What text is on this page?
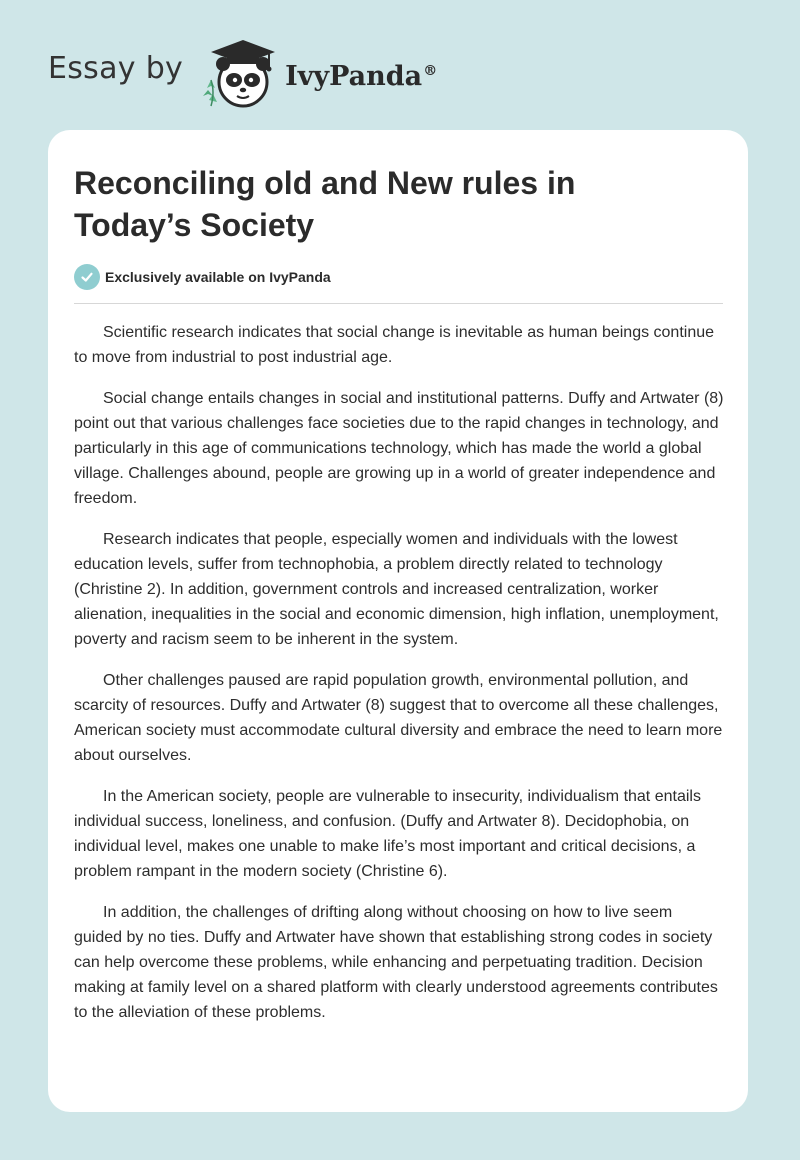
Essay by	IvyPanda®
Reconciling old and New rules in Today’s Society
Exclusively available on IvyPanda

Scientific research indicates that social change is inevitable as human beings continue to move from industrial to post industrial age.

Social change entails changes in social and institutional patterns. Duffy and Artwater (8) point out that various challenges face societies due to the rapid changes in technology, and particularly in this age of communications technology, which has made the world a global village. Challenges abound, people are growing up in a world of greater independence and freedom.

Research indicates that people, especially women and individuals with the lowest education levels, suffer from technophobia, a problem directly related to technology (Christine 2). In addition, government controls and increased centralization, worker alienation, inequalities in the social and economic dimension, high inflation, unemployment, poverty and racism seem to be inherent in the system.

Other challenges paused are rapid population growth, environmental pollution, and scarcity of resources. Duffy and Artwater (8) suggest that to overcome all these challenges, American society must accommodate cultural diversity and embrace the need to learn more about ourselves.

In the American society, people are vulnerable to insecurity, individualism that entails individual success, loneliness, and confusion. (Duffy and Artwater 8). Decidophobia, on individual level, makes one unable to make life’s most important and critical decisions, a problem rampant in the modern society (Christine 6).

In addition, the challenges of drifting along without choosing on how to live seem guided by no ties. Duffy and Artwater have shown that establishing strong codes in society can help overcome these problems, while enhancing and perpetuating tradition. Decision making at family level on a shared platform with clearly understood agreements contributes to the alleviation of these problems.
